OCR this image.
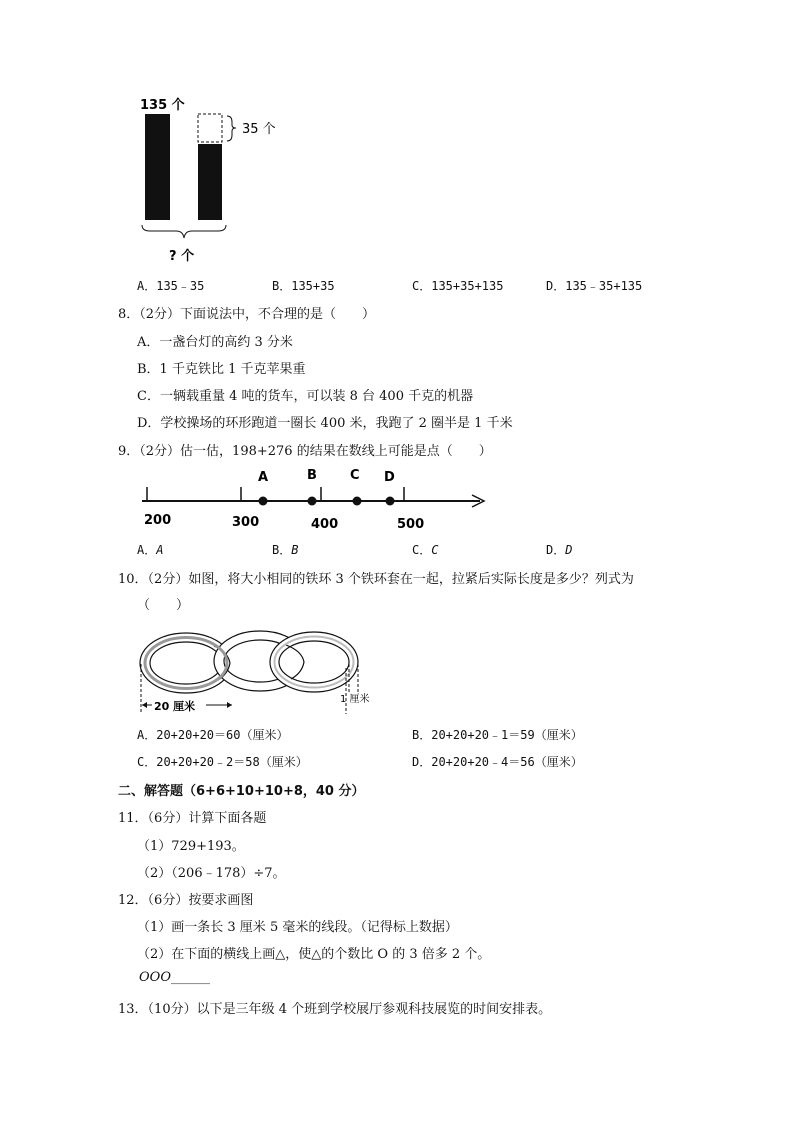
135 个
35 个
? 个
A．135﹣35	B．135+35	C．135+35+135	D．135﹣35+135
8．（2分）下面说法中，不合理的是（　　）
A．一盏台灯的高约 3 分米
B．1 千克铁比 1 千克苹果重
C．一辆载重量 4 吨的货车，可以装 8 台 400 千克的机器
D．学校操场的环形跑道一圈长 400 米，我跑了 2 圈半是 1 千米
9．（2分）估一估，198+276 的结果在数线上可能是点（　　）
200	300	400	500
A	B	C D
A．A	B．B	C．C	D．D
10．（2分）如图，将大小相同的铁环 3 个铁环套在一起，拉紧后实际长度是多少？列式为
（　　）
20 厘米
1 厘米
A．20+20+20＝60（厘米）	B．20+20+20﹣1＝59（厘米）
C．20+20+20﹣2＝58（厘米）	D．20+20+20﹣4＝56（厘米）
二、解答题（6+6+10+10+8，40 分）
11．（6分）计算下面各题
（1）729+193。
（2）（206﹣178）÷7。
12．（6分）按要求画图
（1）画一条长 3 厘米 5 毫米的线段。（记得标上数据）
（2）在下面的横线上画△，使△的个数比 O 的 3 倍多 2 个。
OOO______
13．（10分）以下是三年级 4 个班到学校展厅参观科技展览的时间安排表。
